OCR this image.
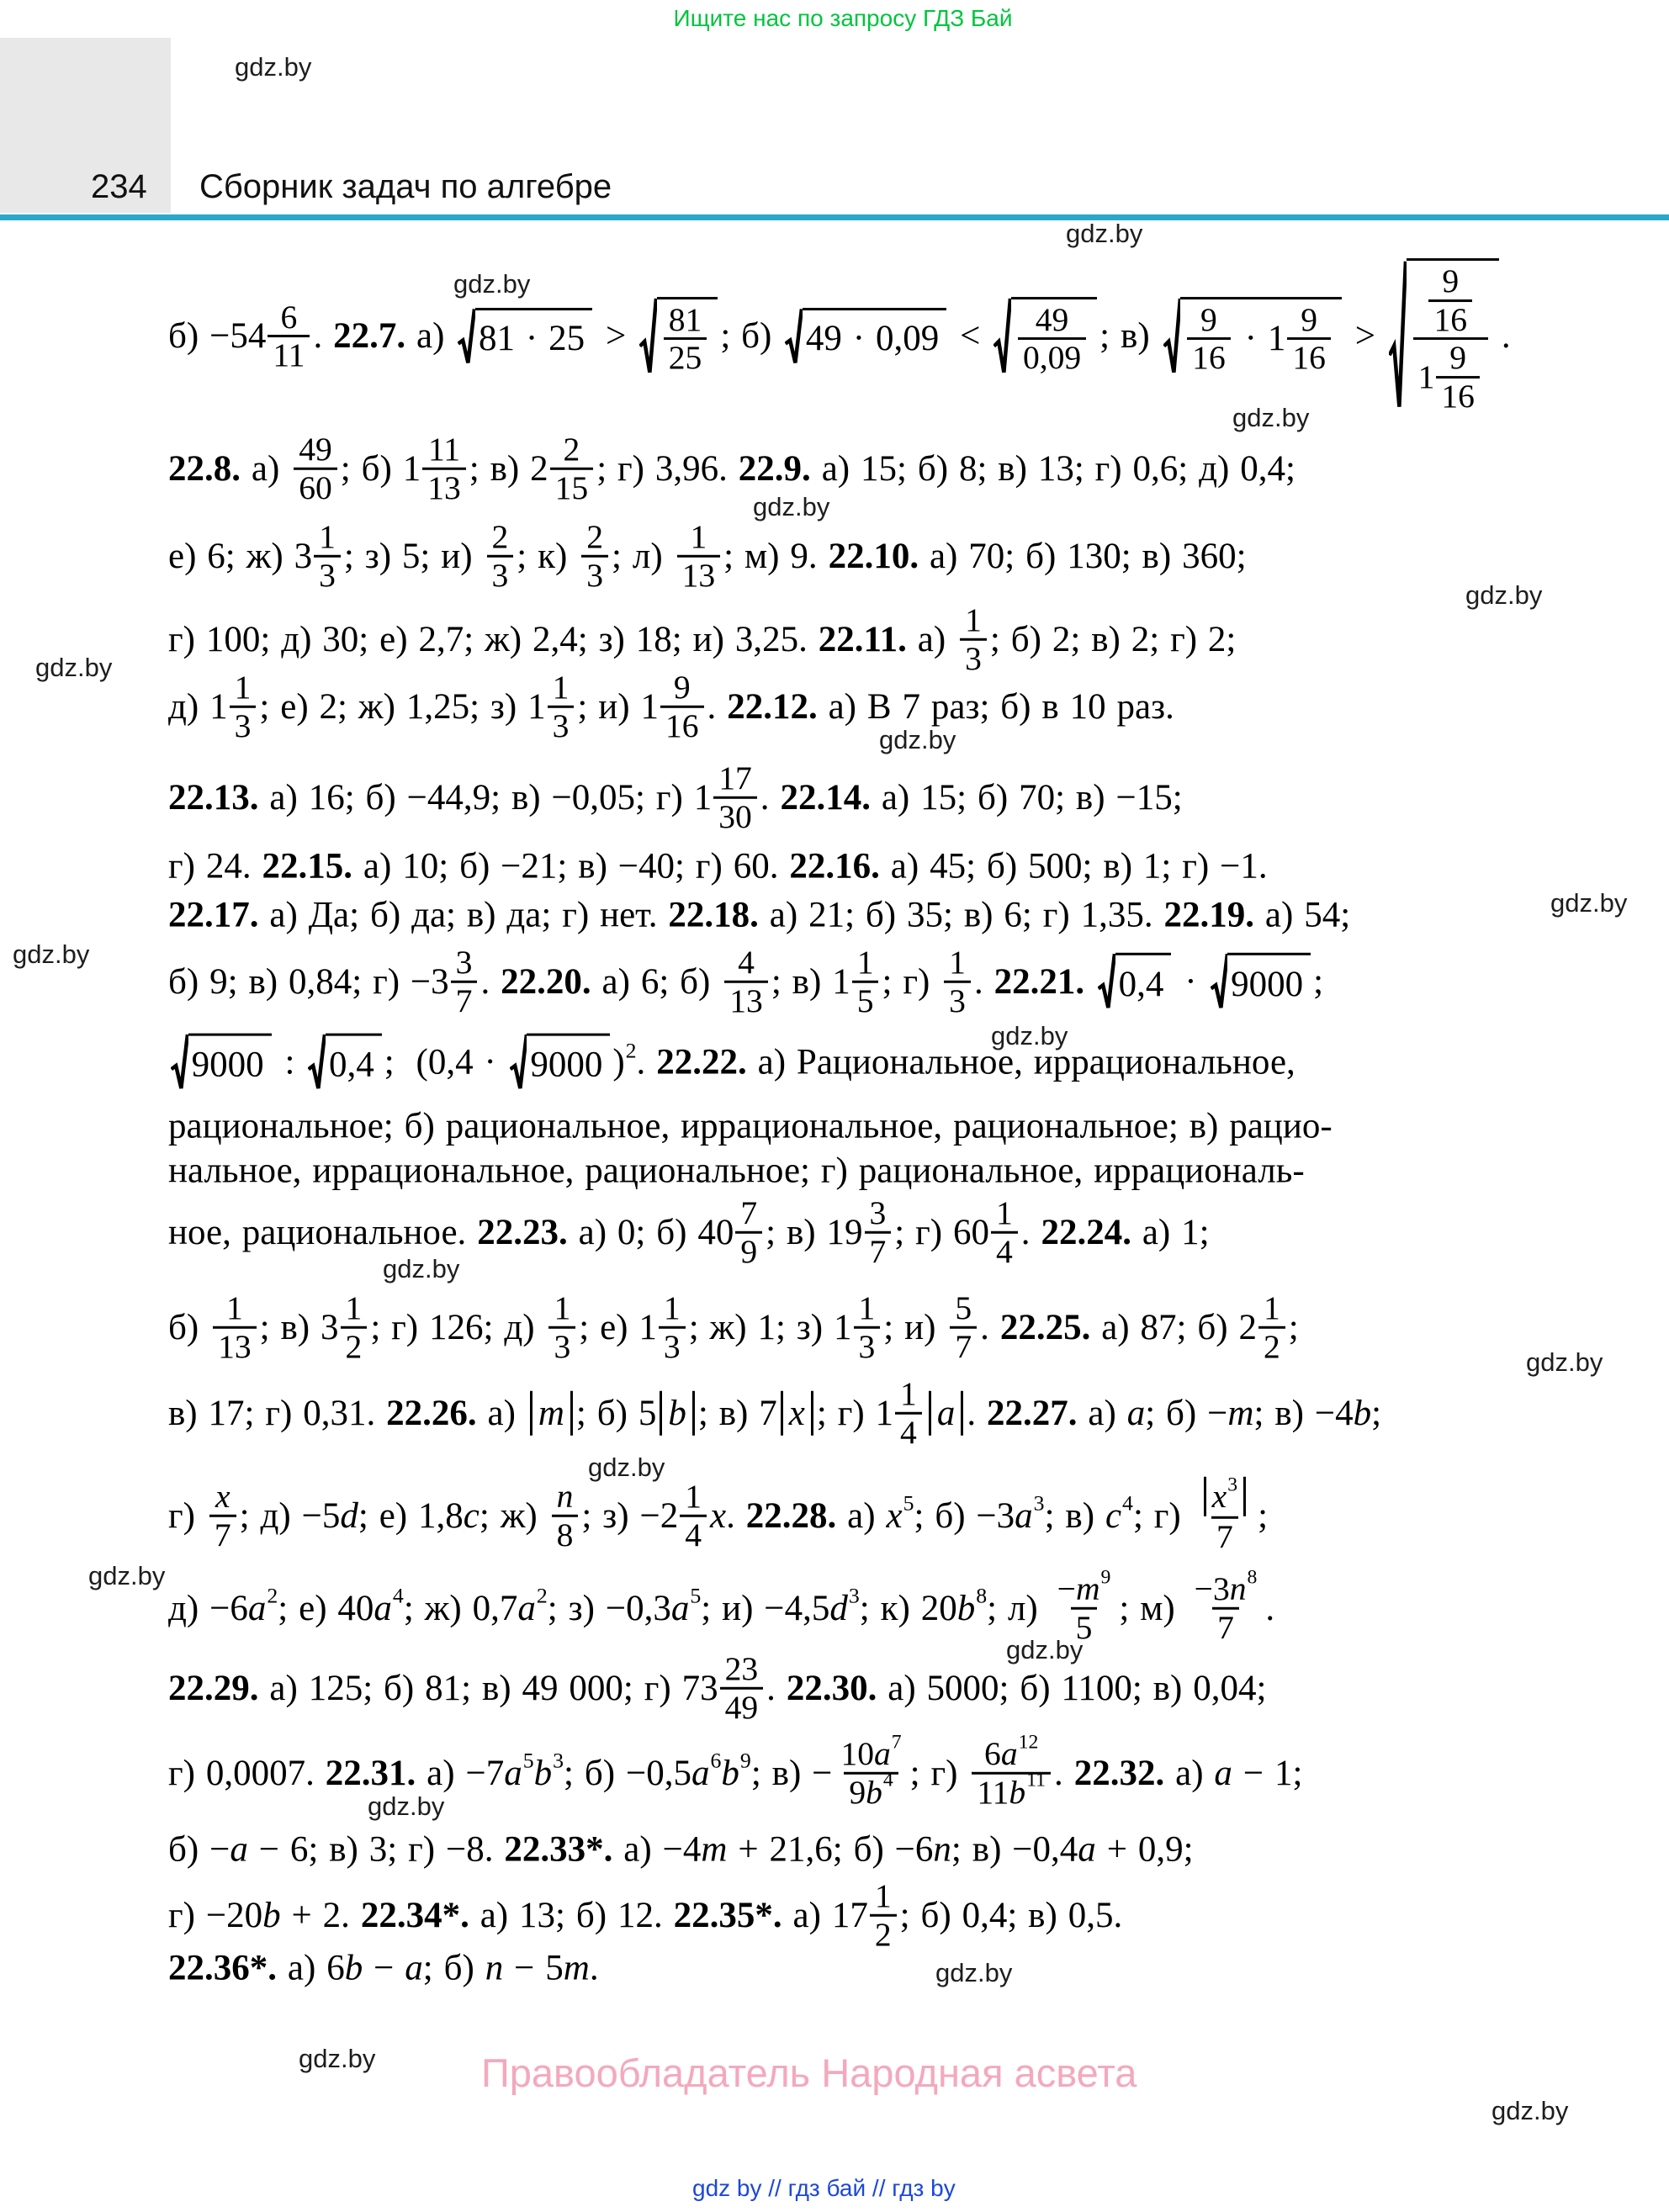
Ищите нас по запросу ГДЗ Бай
234 Сборник задач по алгебре
$б) - 54 \frac{6}{11}$ . 22.7. а) $81 \cdot 25 > \frac{81}{25}$ ; б) $49 \cdot 0,09 < \frac{49}{0,09}$ ; $в) \frac{9}{16} \cdot 1 \frac{9}{16} > \frac{\frac{9}{16}}{1 \frac{9}{16}}$ .
22.8. $а) \frac{49}{60}$ ; б) $1 \frac{11}{13}$ ; в) $2 \frac{2}{15}$ ; г) 3,96. 22.9. а) 15; б) 8; в) 13; г) 0,6; д) 0,4;
е) 6; ж) $3 \frac{1}{3}$ ; з) 5; $и) \frac{2}{3}$ ; $к) \frac{2}{3}$ ; $л) \frac{1}{13}$ ; м) 9. 22.10. а) 70; б) 130; в) 360;
г) 100; д) 30; е) 2,7; ж) 2,4; з) 18; и) 3,25. 22.11. $а) \frac{1}{3}$ ; б) 2; в) 2; г) 2;
д) $1 \frac{1}{3}$ ; е) 2; ж) 1,25; з) $1 \frac{1}{3}$ ; и) $1 \frac{9}{16}$ . 22.12. а) В 7 раз; б) в 10 раз.
22.13. а) 16; б) −44,9; в) −0,05; г) $1 \frac{17}{30}$ . 22.14. а) 15; б) 70; в) −15;
г) 24. 22.15. а) 10; б) −21; в) −40; г) 60. 22.16. а) 45; б) 500; в) 1; г) −1.
22.17. а) Да; б) да; в) да; г) нет. 22.18. а) 21; б) 35; в) 6; г) 1,35. 22.19. а) 54;
б) 9; в) 0,84; $г) - 3 \frac{3}{7}$ . 22.20. а) 6; $б) \frac{4}{13}$ ; в) $1 \frac{1}{5}$ ; $г) \frac{1}{3}$ . 22.21.
0,4 · 9000 ;
9000 : 0,4 ;  (0,4 · 9000 ) 2 . 22.22. а) Рациональное, иррациональное,
рациональное; б) рациональное, иррациональное, рациональное; в) рацио-
нальное, иррациональное, рациональное; г) рациональное, иррациональ-
ное, рациональное. 22.23. а) 0; б) $40 \frac{7}{9}$ ; в) $19 \frac{3}{7}$ ; г) $60 \frac{1}{4}$ . 22.24. а) 1;
$б) \frac{1}{13}$ ; в) $3 \frac{1}{2}$ ; г) 126; $д) \frac{1}{3}$ ; е) $1 \frac{1}{3}$ ; ж) 1; з) $1 \frac{1}{3}$ ; $и) \frac{5}{7}$ . 22.25. а) 87; б) $2 \frac{1}{2}$ ;
в) 17; г) 0,31. 22.26. а) m ; б) 5 b ; в) 7 x ; г) $1 \frac{1}{4}$ a . 22.27. а) a ; б) − m ; в) −4 b ;
$г) \frac{x}{7}$ ; д) −5 d ; е) 1,8 c ; $ж) \frac{n}{8}$ ; $з) - 2 \frac{1}{4}$ x . 22.28. а) x 5 ; б) −3 a 3 ; в) c 4 ; $г) \frac{x 3}{7}$ ;
д) −6 a 2 ; е) 40 a 4 ; ж) 0,7 a 2 ; з) −0,3 a 5 ; и) −4,5 d 3 ; к) 20 b 8 ; $л) \frac{- m 9}{5}$ ; $м) \frac{-3 n 8}{7}$ .
22.29. а) 125; б) 81; в) 49 000; г) $73 \frac{23}{49}$ . 22.30. а) 5000; б) 1100; в) 0,04;
г) 0,0007. 22.31. а) −7 a 5 b 3 ; б) −0,5 a 6 b 9 ; $в) - \frac{10 a 7}{9 b 4}$ ; $г) \frac{6 a 12}{11 b 11}$ . 22.32. а) a − 1;
б) − a − 6; в) 3; г) −8. 22.33*. а) −4 m + 21,6; б) −6 n ; в) −0,4 a + 0,9;
г) −20 b + 2. 22.34*. а) 13; б) 12. 22.35*. а) $17 \frac{1}{2}$ ; б) 0,4; в) 0,5.
22.36*. а) 6 b − a ; б) n − 5 m .
gdz.by
gdz.by
gdz.by
gdz.by
gdz.by
gdz.by
gdz.by
gdz.by
gdz.by
gdz.by
gdz.by
gdz.by
gdz.by
gdz.by
gdz.by
gdz.by
gdz.by
gdz.by
gdz.by
gdz.by
Правообладатель Народная асвета
gdz by // гдз бай // гдз by
